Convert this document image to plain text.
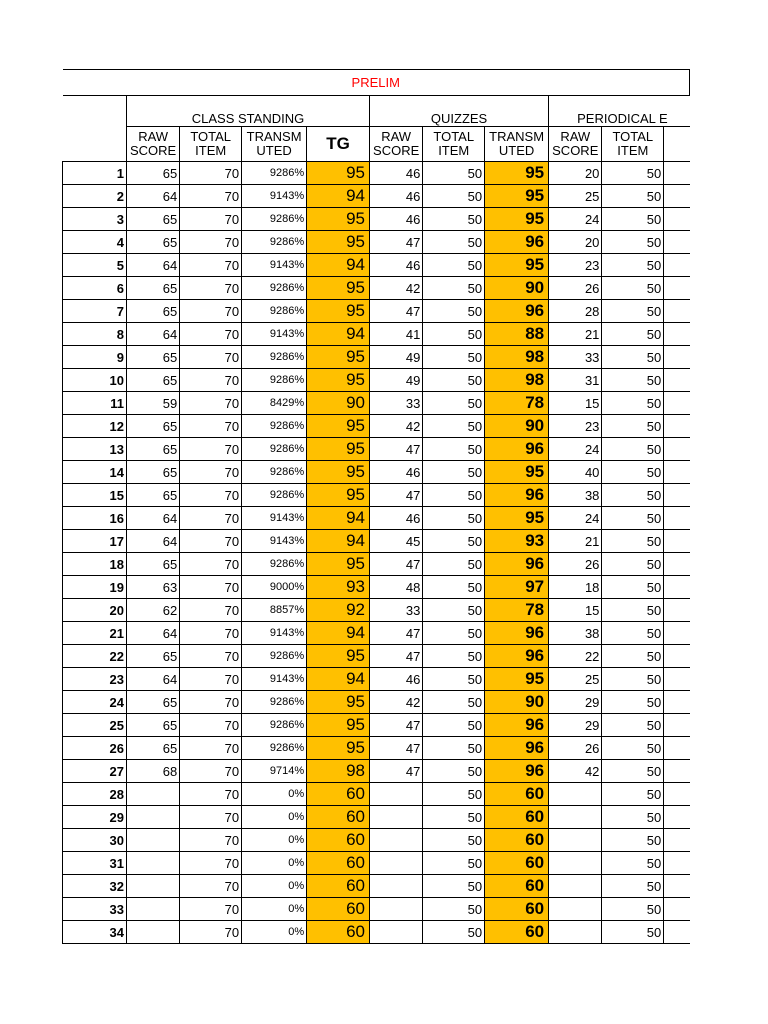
PRELIM										
	CLASS STANDING				QUIZZES			PERIODICAL E		
	RAW SCORE	TOTAL ITEM	TRANSM UTED	TG	RAW SCORE	TOTAL ITEM	TRANSM UTED	RAW SCORE	TOTAL ITEM	
1	65	70	9286%	95	46	50	95	20	50	
2	64	70	9143%	94	46	50	95	25	50	
3	65	70	9286%	95	46	50	95	24	50	
4	65	70	9286%	95	47	50	96	20	50	
5	64	70	9143%	94	46	50	95	23	50	
6	65	70	9286%	95	42	50	90	26	50	
7	65	70	9286%	95	47	50	96	28	50	
8	64	70	9143%	94	41	50	88	21	50	
9	65	70	9286%	95	49	50	98	33	50	
10	65	70	9286%	95	49	50	98	31	50	
11	59	70	8429%	90	33	50	78	15	50	
12	65	70	9286%	95	42	50	90	23	50	
13	65	70	9286%	95	47	50	96	24	50	
14	65	70	9286%	95	46	50	95	40	50	
15	65	70	9286%	95	47	50	96	38	50	
16	64	70	9143%	94	46	50	95	24	50	
17	64	70	9143%	94	45	50	93	21	50	
18	65	70	9286%	95	47	50	96	26	50	
19	63	70	9000%	93	48	50	97	18	50	
20	62	70	8857%	92	33	50	78	15	50	
21	64	70	9143%	94	47	50	96	38	50	
22	65	70	9286%	95	47	50	96	22	50	
23	64	70	9143%	94	46	50	95	25	50	
24	65	70	9286%	95	42	50	90	29	50	
25	65	70	9286%	95	47	50	96	29	50	
26	65	70	9286%	95	47	50	96	26	50	
27	68	70	9714%	98	47	50	96	42	50	
28		70	0%	60		50	60		50	
29		70	0%	60		50	60		50	
30		70	0%	60		50	60		50	
31		70	0%	60		50	60		50	
32		70	0%	60		50	60		50	
33		70	0%	60		50	60		50	
34		70	0%	60		50	60		50	
